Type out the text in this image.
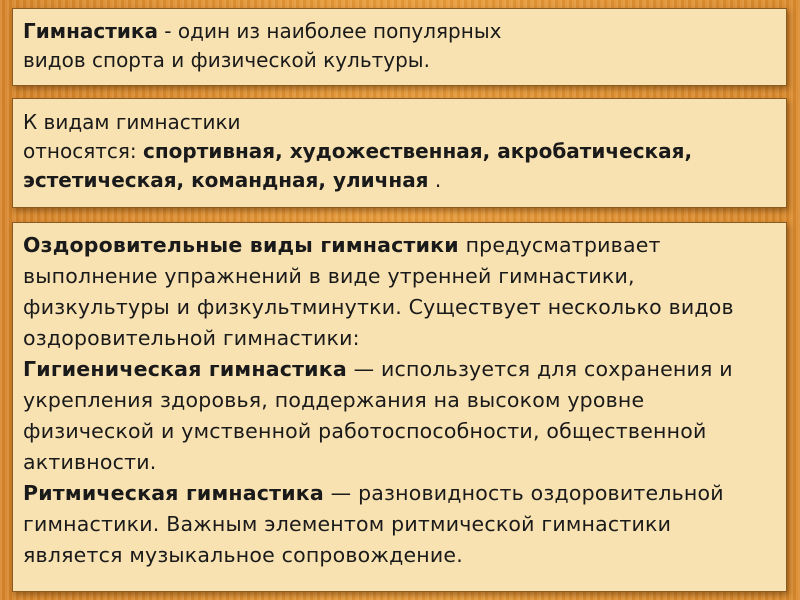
Гимнастика - один из наиболее популярных

видов спорта и физической культуры.

К видам гимнастики

относятся: спортивная, художественная, акробатическая,

эстетическая, командная, уличная .

Оздоровительные виды гимнастики предусматривает выполнение упражнений в виде утренней гимнастики, физкультуры и физкультминутки. Существует несколько видов оздоровительной гимнастики:

Гигиеническая гимнастика — используется для сохранения и укрепления здоровья, поддержания на высоком уровне физической и умственной работоспособности, общественной активности.

Ритмическая гимнастика — разновидность оздоровительной гимнастики. Важным элементом ритмической гимнастики является музыкальное сопровождение.
